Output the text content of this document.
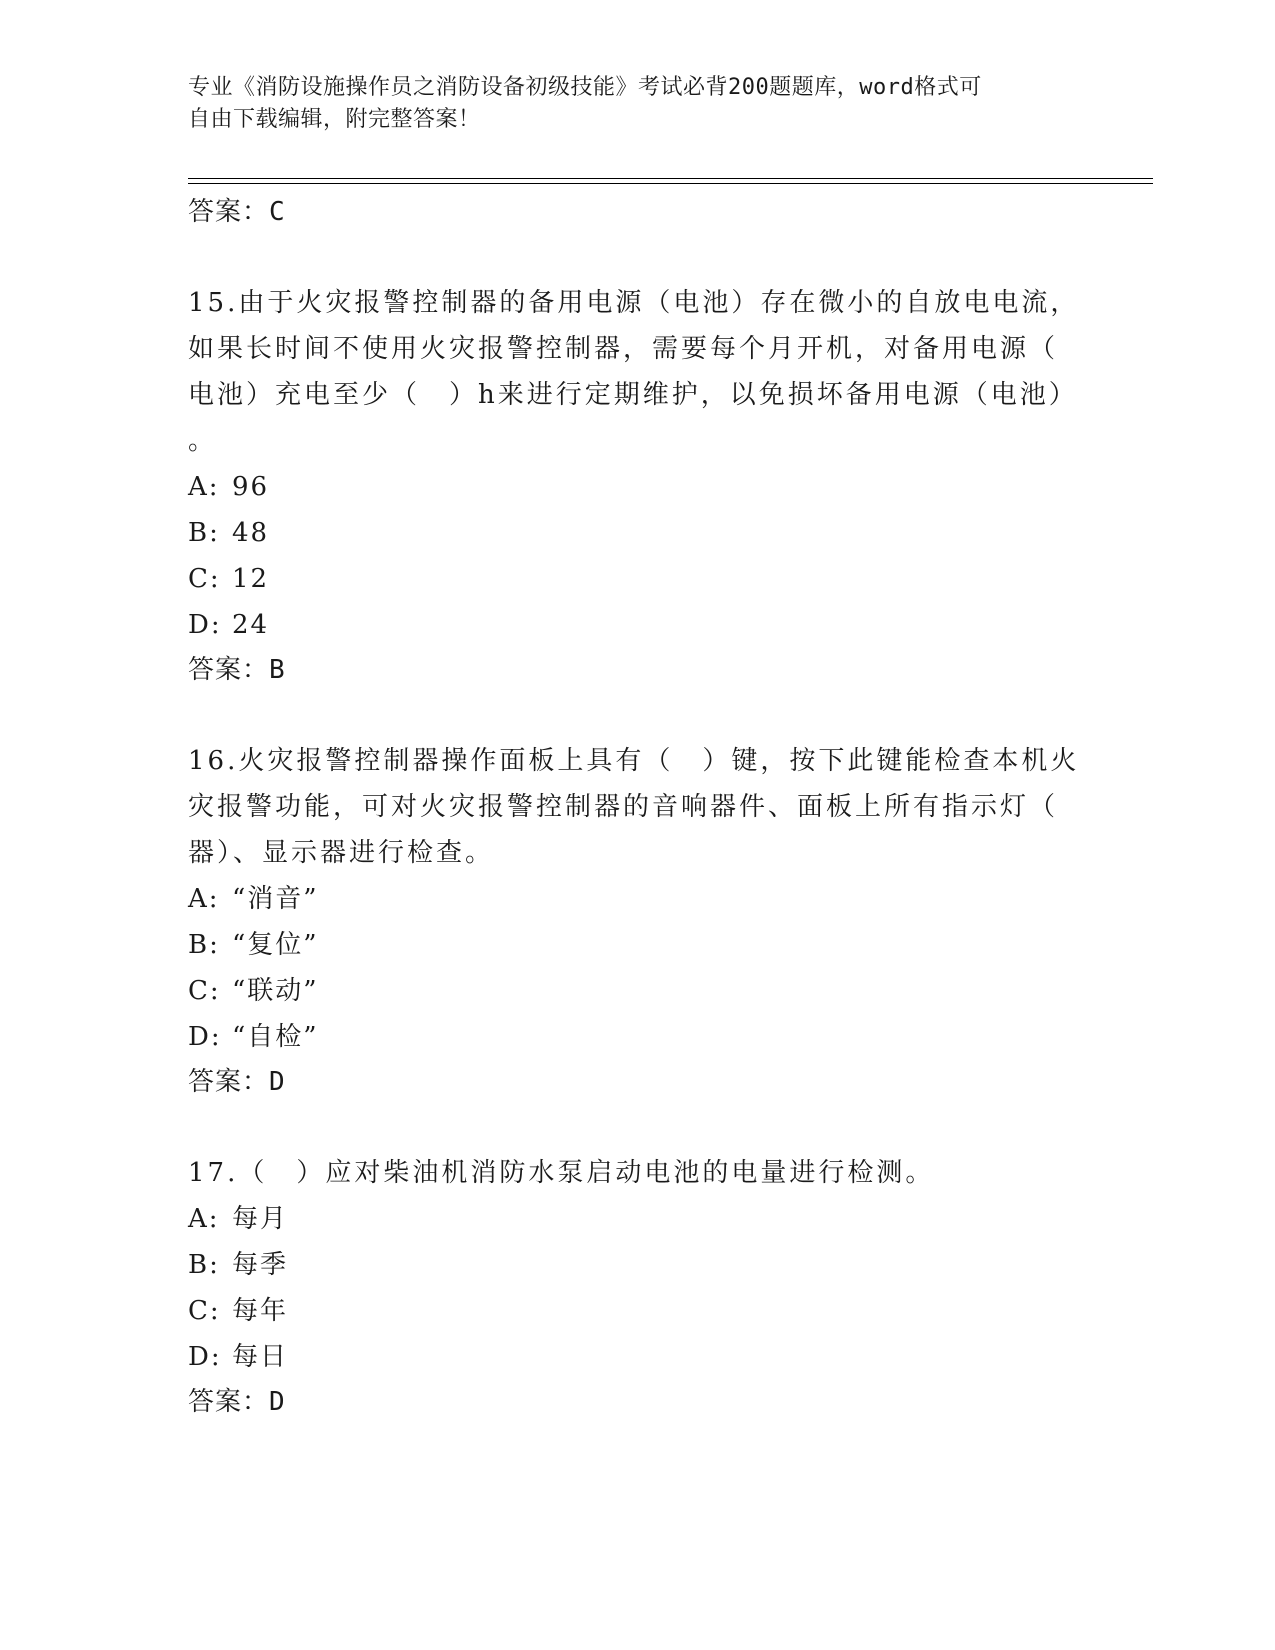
专业《消防设施操作员之消防设备初级技能》考试必背200题题库，word格式可
自由下载编辑，附完整答案！
答案：C
15.由于火灾报警控制器的备用电源（电池）存在微小的自放电电流，
如果长时间不使用火灾报警控制器，需要每个月开机，对备用电源（
电池）充电至少（　）h来进行定期维护，以免损坏备用电源（电池）
。
A: 96
B: 48
C: 12
D: 24
答案：B
16.火灾报警控制器操作面板上具有（　）键，按下此键能检查本机火
灾报警功能，可对火灾报警控制器的音响器件、面板上所有指示灯（
器）、显示器进行检查。
A: “消音”
B: “复位”
C: “联动”
D: “自检”
答案：D
17.（　）应对柴油机消防水泵启动电池的电量进行检测。
A: 每月
B: 每季
C: 每年
D: 每日
答案：D
